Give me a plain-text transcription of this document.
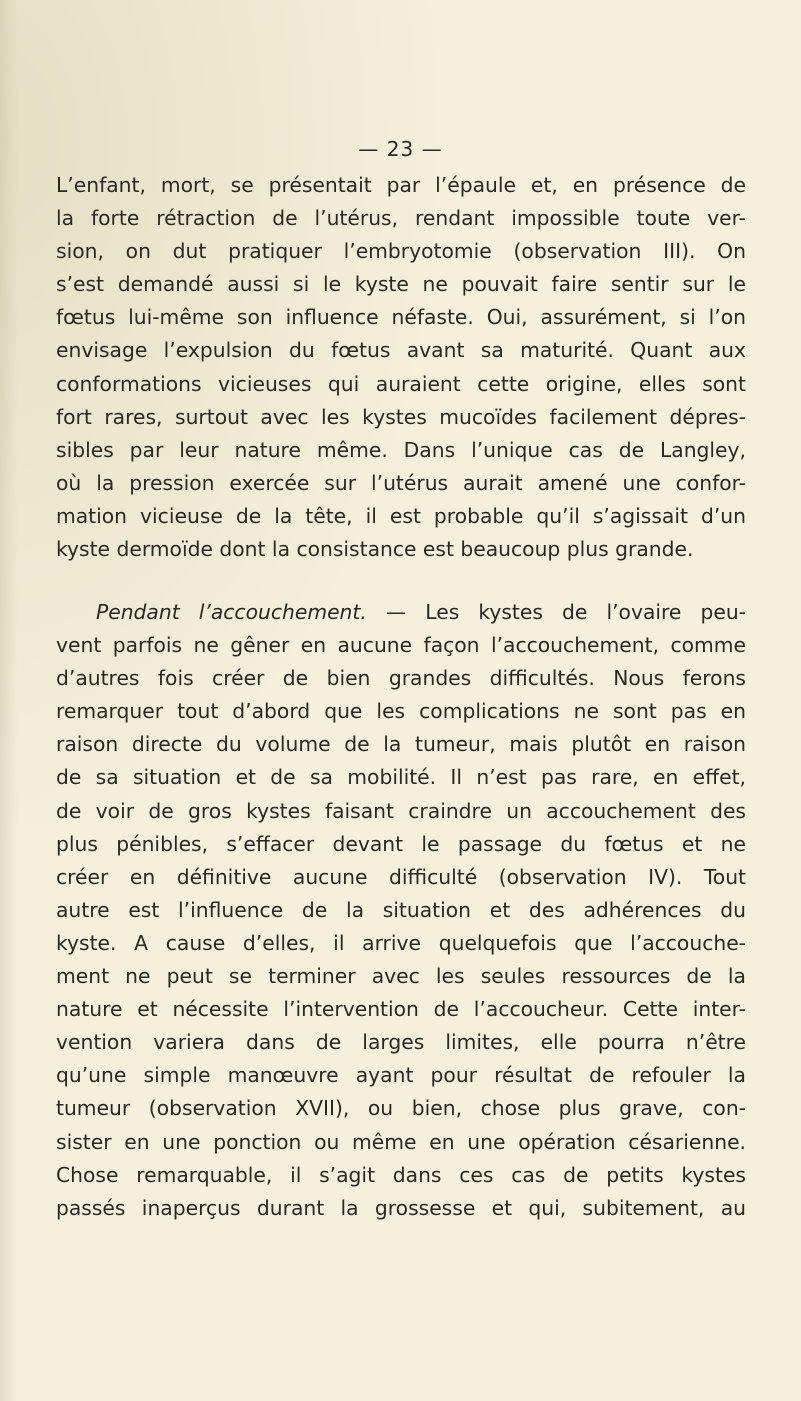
— 23 —
L’enfant, mort, se présentait par l’épaule et, en présence de
la forte rétraction de l’utérus, rendant impossible toute ver-
sion, on dut pratiquer l’embryotomie (observation III). On
s’est demandé aussi si le kyste ne pouvait faire sentir sur le
fœtus lui-même son influence néfaste. Oui, assurément, si l’on
envisage l’expulsion du fœtus avant sa maturité. Quant aux
conformations vicieuses qui auraient cette origine, elles sont
fort rares, surtout avec les kystes mucoïdes facilement dépres-
sibles par leur nature même. Dans l’unique cas de Langley,
où la pression exercée sur l’utérus aurait amené une confor-
mation vicieuse de la tête, il est probable qu’il s’agissait d’un
kyste dermoïde dont la consistance est beaucoup plus grande.
Pendant l’accouchement. — Les kystes de l’ovaire peu-
vent parfois ne gêner en aucune façon l’accouchement, comme
d’autres fois créer de bien grandes difficultés. Nous ferons
remarquer tout d’abord que les complications ne sont pas en
raison directe du volume de la tumeur, mais plutôt en raison
de sa situation et de sa mobilité. Il n’est pas rare, en effet,
de voir de gros kystes faisant craindre un accouchement des
plus pénibles, s’effacer devant le passage du fœtus et ne
créer en définitive aucune difficulté (observation IV). Tout
autre est l’influence de la situation et des adhérences du
kyste. A cause d’elles, il arrive quelquefois que l’accouche-
ment ne peut se terminer avec les seules ressources de la
nature et nécessite l’intervention de l’accoucheur. Cette inter-
vention variera dans de larges limites, elle pourra n’être
qu’une simple manœuvre ayant pour résultat de refouler la
tumeur (observation XVII), ou bien, chose plus grave, con-
sister en une ponction ou même en une opération césarienne.
Chose remarquable, il s’agit dans ces cas de petits kystes
passés inaperçus durant la grossesse et qui, subitement, au
